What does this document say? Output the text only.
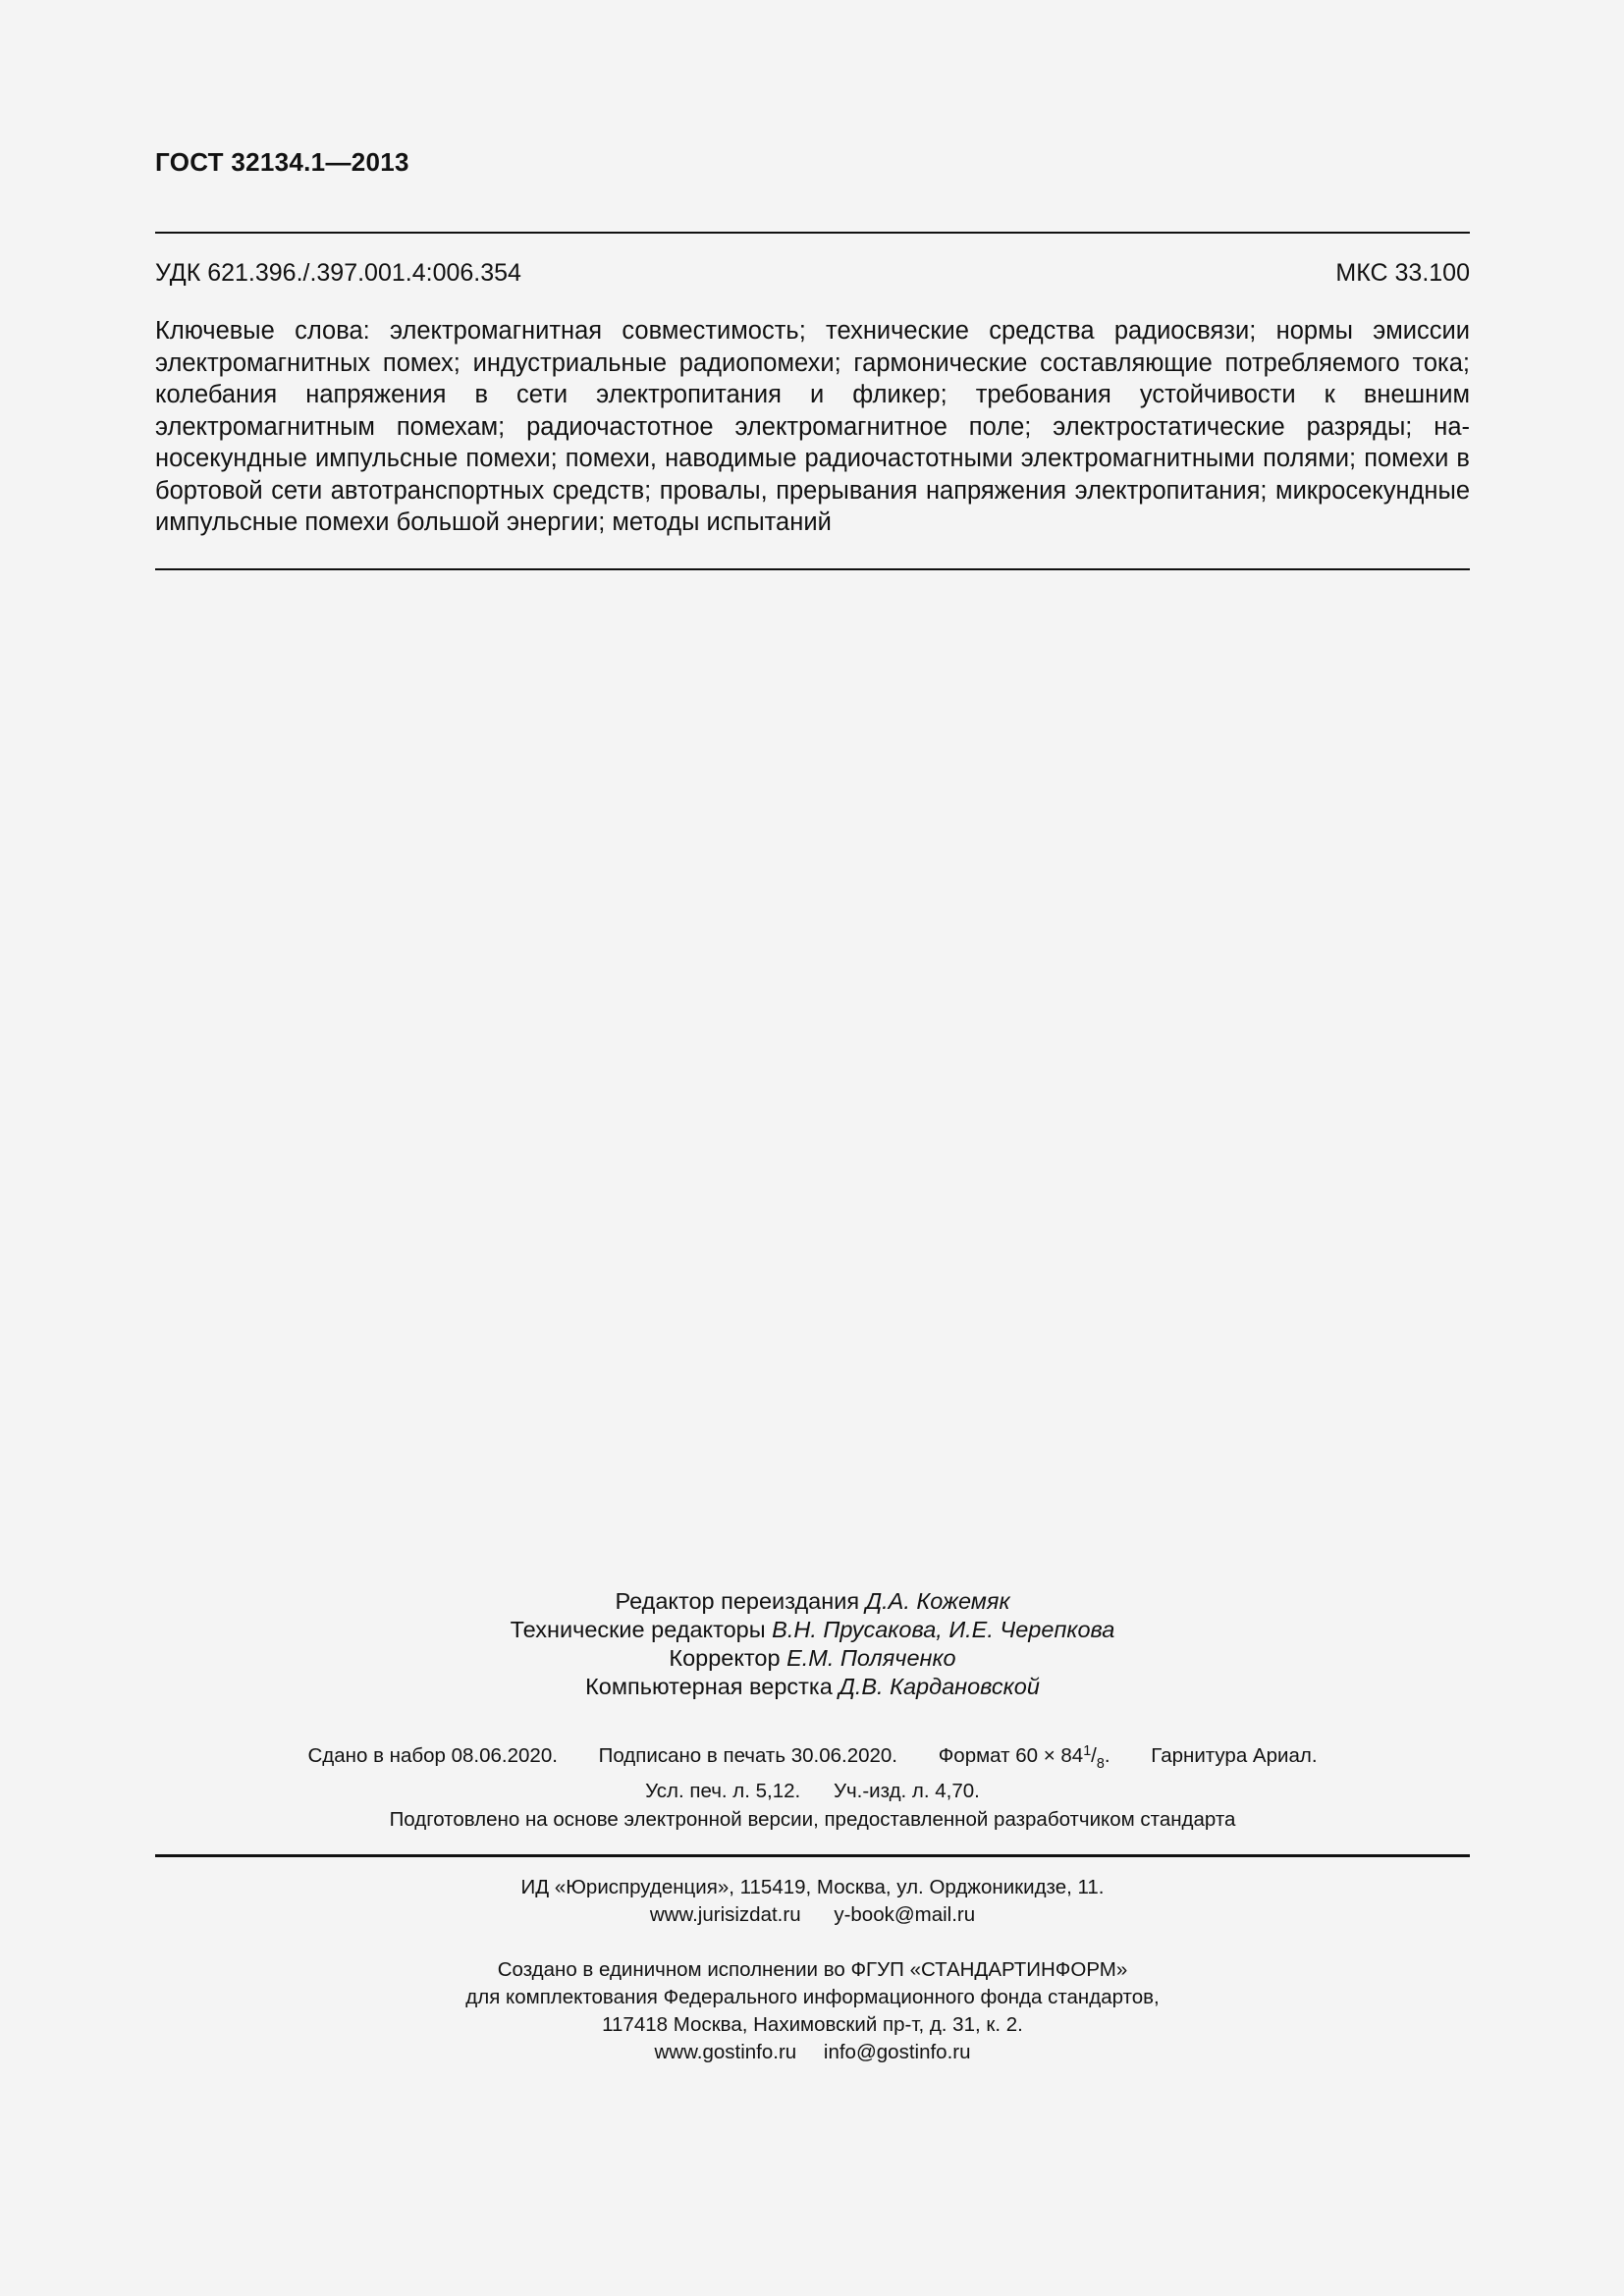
ГОСТ 32134.1—2013
УДК 621.396./.397.001.4:006.354	МКС 33.100
Ключевые слова: электромагнитная совместимость; технические средства радиосвязи; нормы эмиссии электромагнитных помех; индустриальные радиопомехи; гармонические составляющие потребляемого тока; колебания напряжения в сети электропитания и фликер; требования устойчивости к внешним электромагнитным помехам; радиочастотное электромагнитное поле; электростатические разряды; на-носекундные импульсные помехи; помехи, наводимые радиочастотными электромагнитными полями; помехи в бортовой сети автотранспортных средств; провалы, прерывания напряжения электропитания; микросекундные импульсные помехи большой энергии; методы испытаний
Редактор переиздания Д.А. Кожемяк
Технические редакторы В.Н. Прусакова, И.Е. Черепкова
Корректор Е.М. Поляченко
Компьютерная верстка Д.В. Кардановской
Сдано в набор 08.06.2020. Подписано в печать 30.06.2020. Формат $60 \times 84^1/_8$. Гарнитура Ариал.
Усл. печ. л. 5,12. Уч.-изд. л. 4,70.
Подготовлено на основе электронной версии, предоставленной разработчиком стандарта
ИД «Юриспруденция», 115419, Москва, ул. Орджоникидзе, 11.
www.jurisizdat.ru y-book@mail.ru
Создано в единичном исполнении во ФГУП «СТАНДАРТИНФОРМ»
для комплектования Федерального информационного фонда стандартов,
117418 Москва, Нахимовский пр-т, д. 31, к. 2.
www.gostinfo.ru info@gostinfo.ru
